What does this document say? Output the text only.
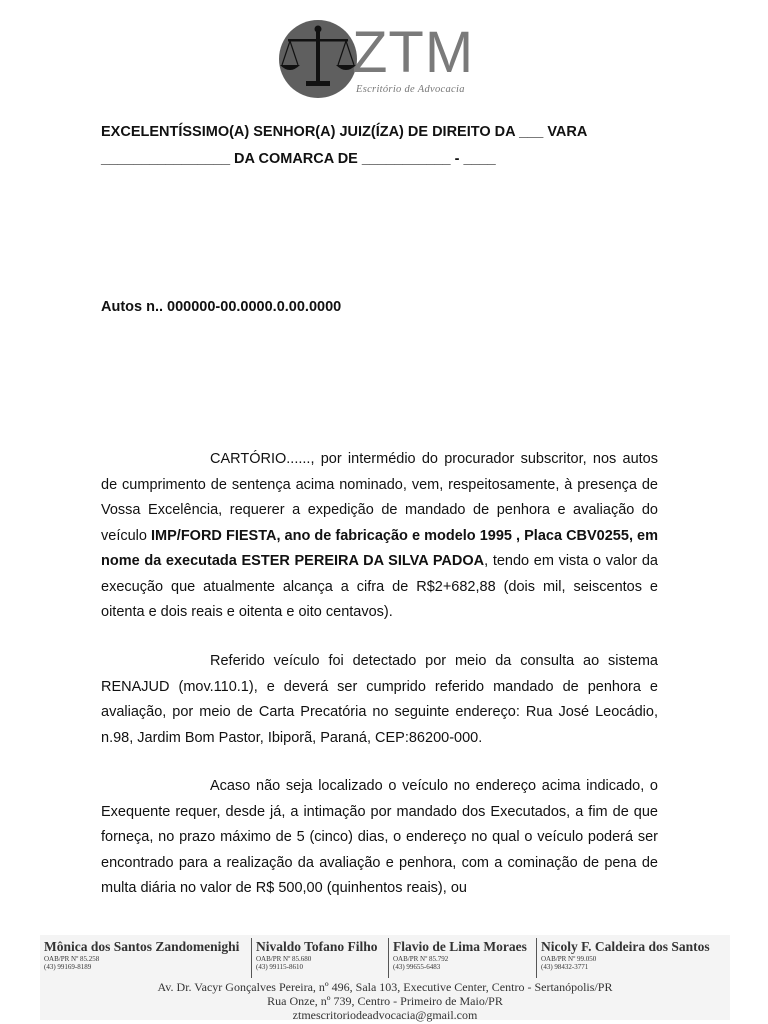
ZTM
Escritório de Advocacia
EXCELENTÍSSIMO(A) SENHOR(A) JUIZ(ÍZA) DE DIREITO DA ___ VARA
________________ DA COMARCA DE ___________ - ____
Autos n.. 000000-00.0000.0.00.0000
CARTÓRIO......, por intermédio do procurador subscritor, nos autos de cumprimento de sentença acima nominado, vem, respeitosamente, à presença de Vossa Excelência, requerer a expedição de mandado de penhora e avaliação do veículo IMP/FORD FIESTA, ano de fabricação e modelo 1995 , Placa CBV0255, em nome da executada ESTER PEREIRA DA SILVA PADOA, tendo em vista o valor da execução que atualmente alcança a cifra de R$2+682,88 (dois mil, seiscentos e oitenta e dois reais e oitenta e oito centavos).
Referido veículo foi detectado por meio da consulta ao sistema RENAJUD (mov.110.1), e deverá ser cumprido referido mandado de penhora e avaliação, por meio de Carta Precatória no seguinte endereço: Rua José Leocádio, n.98, Jardim Bom Pastor, Ibiporã, Paraná, CEP:86200-000.
Acaso não seja localizado o veículo no endereço acima indicado, o Exequente requer, desde já, a intimação por mandado dos Executados, a fim de que forneça, no prazo máximo de 5 (cinco) dias, o endereço no qual o veículo poderá ser encontrado para a realização da avaliação e penhora, com a cominação de pena de multa diária no valor de R$ 500,00 (quinhentos reais), ou
Mônica dos Santos Zandomenighi
OAB/PR Nº 85.258
(43) 99169-8189
Nivaldo Tofano Filho
OAB/PR Nº 85.680
(43) 99115-8610
Flavio de Lima Moraes
OAB/PR Nº 85.792
(43) 99655-6483
Nicoly F. Caldeira dos Santos
OAB/PR Nº 99.050
(43) 98432-3771
Av. Dr. Vacyr Gonçalves Pereira, nº 496, Sala 103, Executive Center, Centro - Sertanópolis/PR
Rua Onze, nº 739, Centro - Primeiro de Maio/PR
ztmescritoriodeadvocacia@gmail.com
